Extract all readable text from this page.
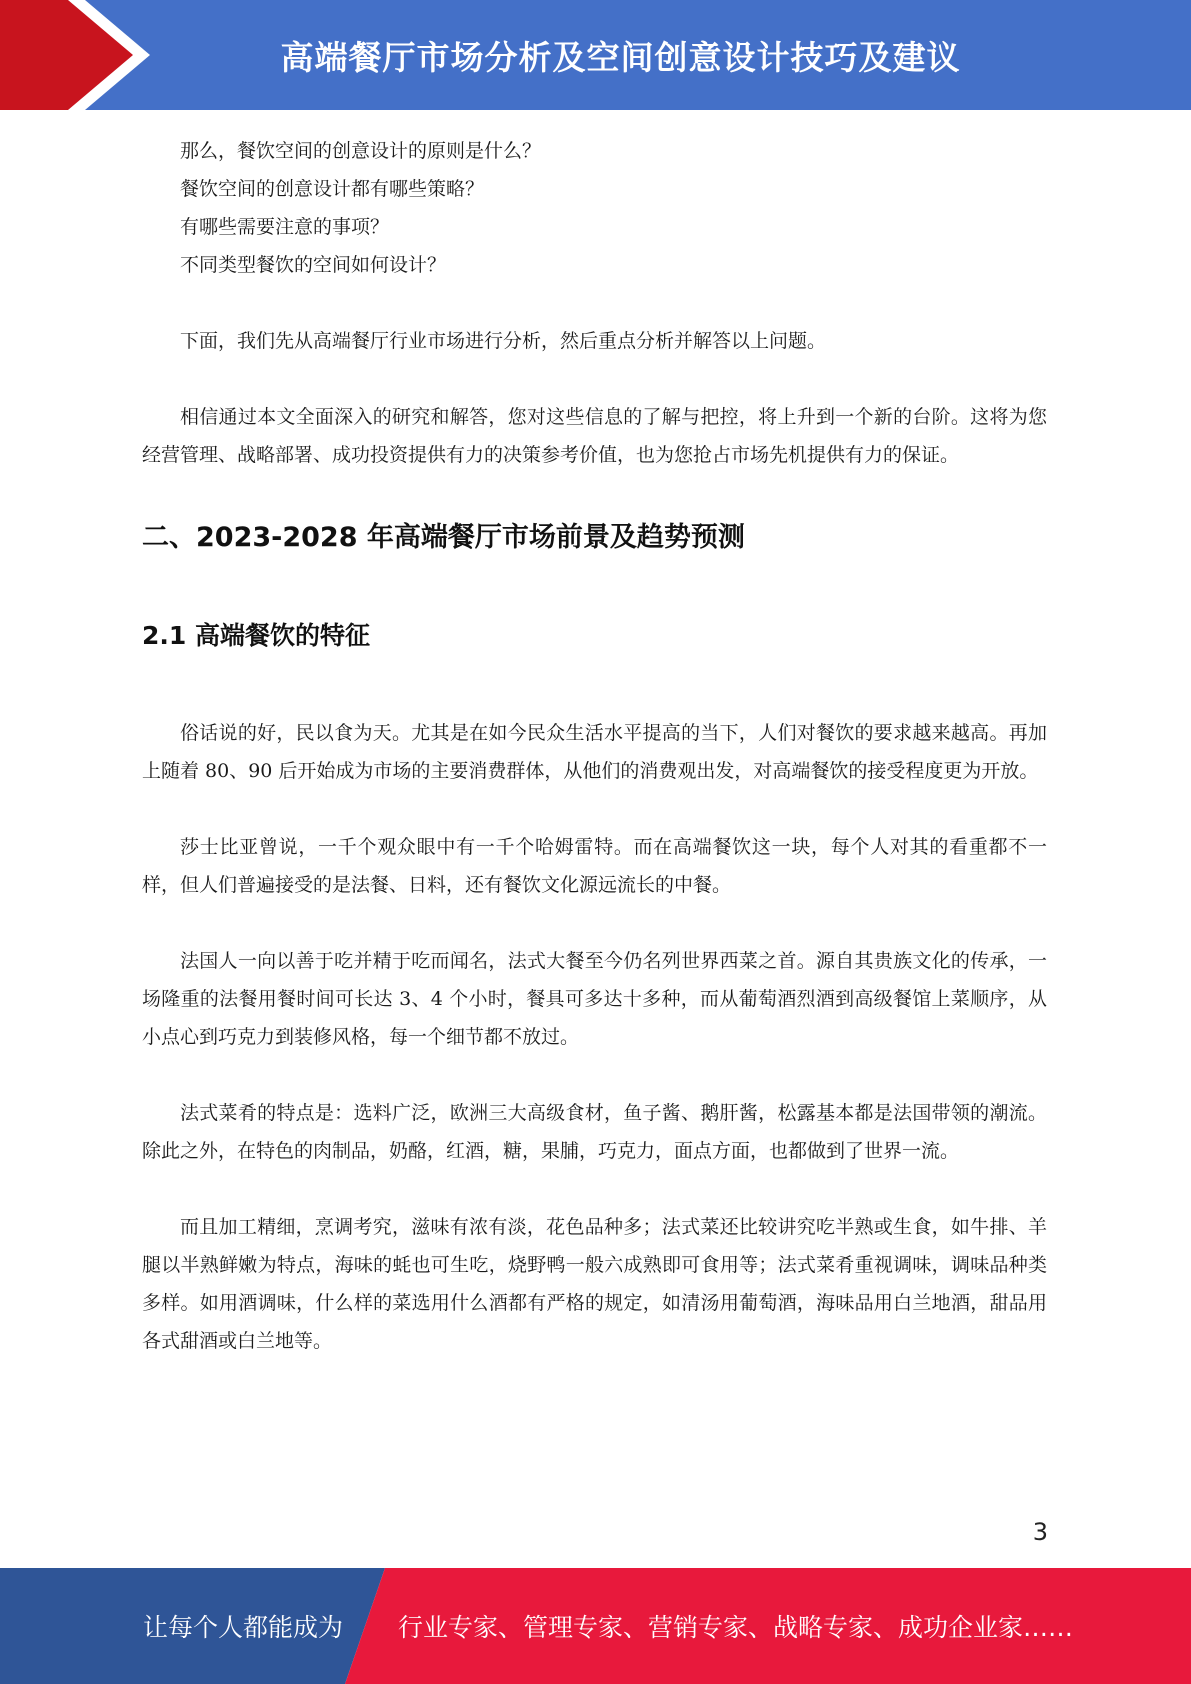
高端餐厅市场分析及空间创意设计技巧及建议

那么，餐饮空间的创意设计的原则是什么？

餐饮空间的创意设计都有哪些策略？

有哪些需要注意的事项？

不同类型餐饮的空间如何设计？

下面，我们先从高端餐厅行业市场进行分析，然后重点分析并解答以上问题。

相信通过本文全面深入的研究和解答，您对这些信息的了解与把控，将上升到一个新的台阶。这将为您经营管理、战略部署、成功投资提供有力的决策参考价值，也为您抢占市场先机提供有力的保证。

二、2023-2028 年高端餐厅市场前景及趋势预测
2.1 高端餐饮的特征

俗话说的好，民以食为天。尤其是在如今民众生活水平提高的当下，人们对餐饮的要求越来越高。再加上随着 80、90 后开始成为市场的主要消费群体，从他们的消费观出发，对高端餐饮的接受程度更为开放。

莎士比亚曾说，一千个观众眼中有一千个哈姆雷特。而在高端餐饮这一块，每个人对其的看重都不一样，但人们普遍接受的是法餐、日料，还有餐饮文化源远流长的中餐。

法国人一向以善于吃并精于吃而闻名，法式大餐至今仍名列世界西菜之首。源自其贵族文化的传承，一场隆重的法餐用餐时间可长达 3、4 个小时，餐具可多达十多种，而从葡萄酒烈酒到高级餐馆上菜顺序，从小点心到巧克力到装修风格，每一个细节都不放过。

法式菜肴的特点是：选料广泛，欧洲三大高级食材，鱼子酱、鹅肝酱，松露基本都是法国带领的潮流。除此之外，在特色的肉制品，奶酪，红酒，糖，果脯，巧克力，面点方面，也都做到了世界一流。

而且加工精细，烹调考究，滋味有浓有淡，花色品种多；法式菜还比较讲究吃半熟或生食，如牛排、羊腿以半熟鲜嫩为特点，海味的蚝也可生吃，烧野鸭一般六成熟即可食用等；法式菜肴重视调味，调味品种类多样。如用酒调味，什么样的菜选用什么酒都有严格的规定，如清汤用葡萄酒，海味品用白兰地酒，甜品用各式甜酒或白兰地等。

3
让每个人都能成为 行业专家、管理专家、营销专家、战略专家、成功企业家……
